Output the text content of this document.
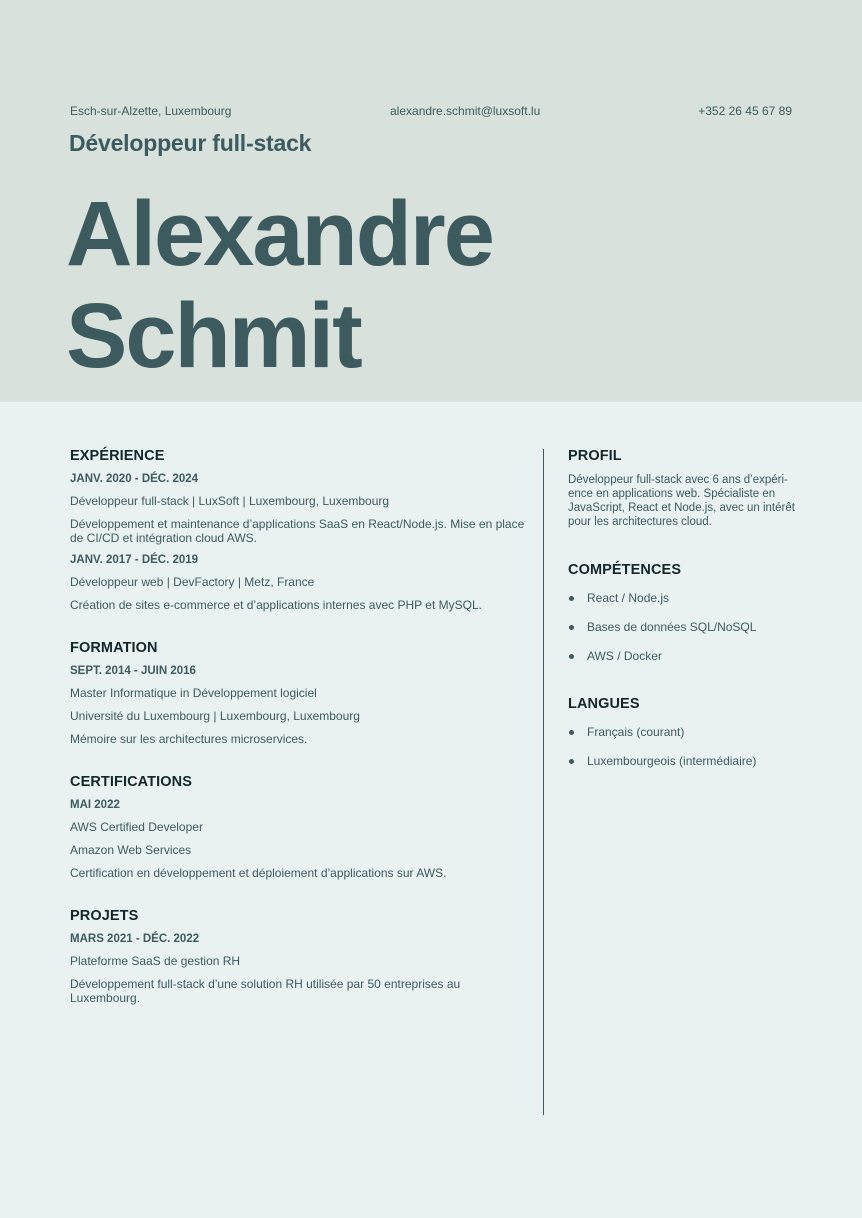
Esch-sur-Alzette, Luxembourg	alexandre.schmit@luxsoft.lu	+352 26 45 67 89
Développeur full-stack
Alexandre
Schmit
EXPÉRIENCE
JANV. 2020 - DÉC. 2024
Développeur full-stack | LuxSoft | Luxembourg, Luxembourg
Développement et maintenance d’applications SaaS en React/Node.js. Mise en place de CI/CD et intégration cloud AWS.
JANV. 2017 - DÉC. 2019
Développeur web | DevFactory | Metz, France
Création de sites e-commerce et d’applications internes avec PHP et MySQL.
FORMATION
SEPT. 2014 - JUIN 2016
Master Informatique in Développement logiciel
Université du Luxembourg | Luxembourg, Luxembourg
Mémoire sur les architectures microservices.
CERTIFICATIONS
MAI 2022
AWS Certified Developer
Amazon Web Services
Certification en développement et déploiement d’applications sur AWS.
PROJETS
MARS 2021 - DÉC. 2022
Plateforme SaaS de gestion RH
Développement full-stack d’une solution RH utilisée par 50 entreprises au Luxembourg.
PROFIL

Développeur full-stack avec 6 ans d’expéri-ence en applications web. Spécialiste en JavaScript, React et Node.js, avec un intérêt pour les architectures cloud.

COMPÉTENCES
React / Node.js
Bases de données SQL/NoSQL
AWS / Docker
LANGUES
Français (courant)
Luxembourgeois (intermédiaire)
